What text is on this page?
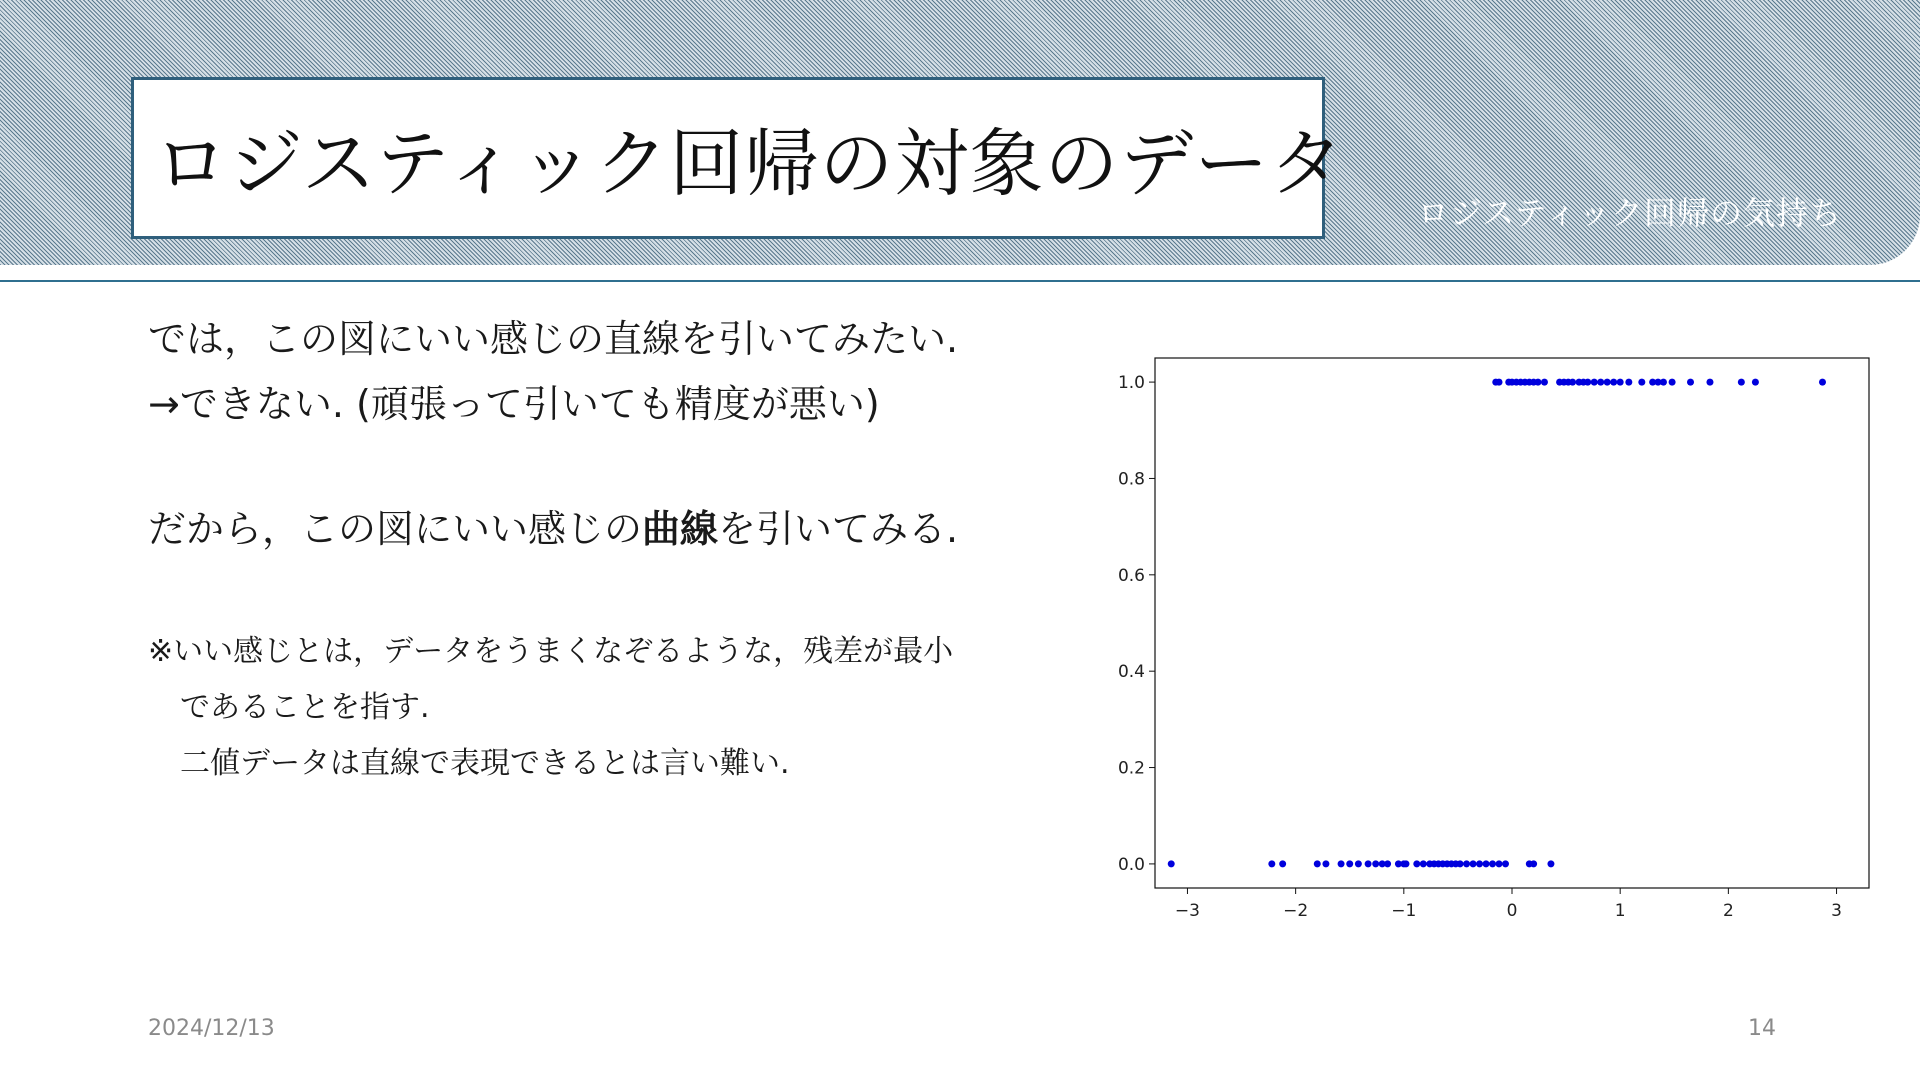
ロジスティック回帰の対象のデータ
ロジスティック回帰の気持ち
では，この図にいい感じの直線を引いてみたい.
→できない. (頑張って引いても精度が悪い)
だから，この図にいい感じの曲線を引いてみる.
※いい感じとは，データをうまくなぞるような，残差が最小
であることを指す.
二値データは直線で表現できるとは言い難い.
−3	−2	−1	0	1	2	3
0.0
0.2
0.4
0.6
0.8
1.0
2024/12/13	14
